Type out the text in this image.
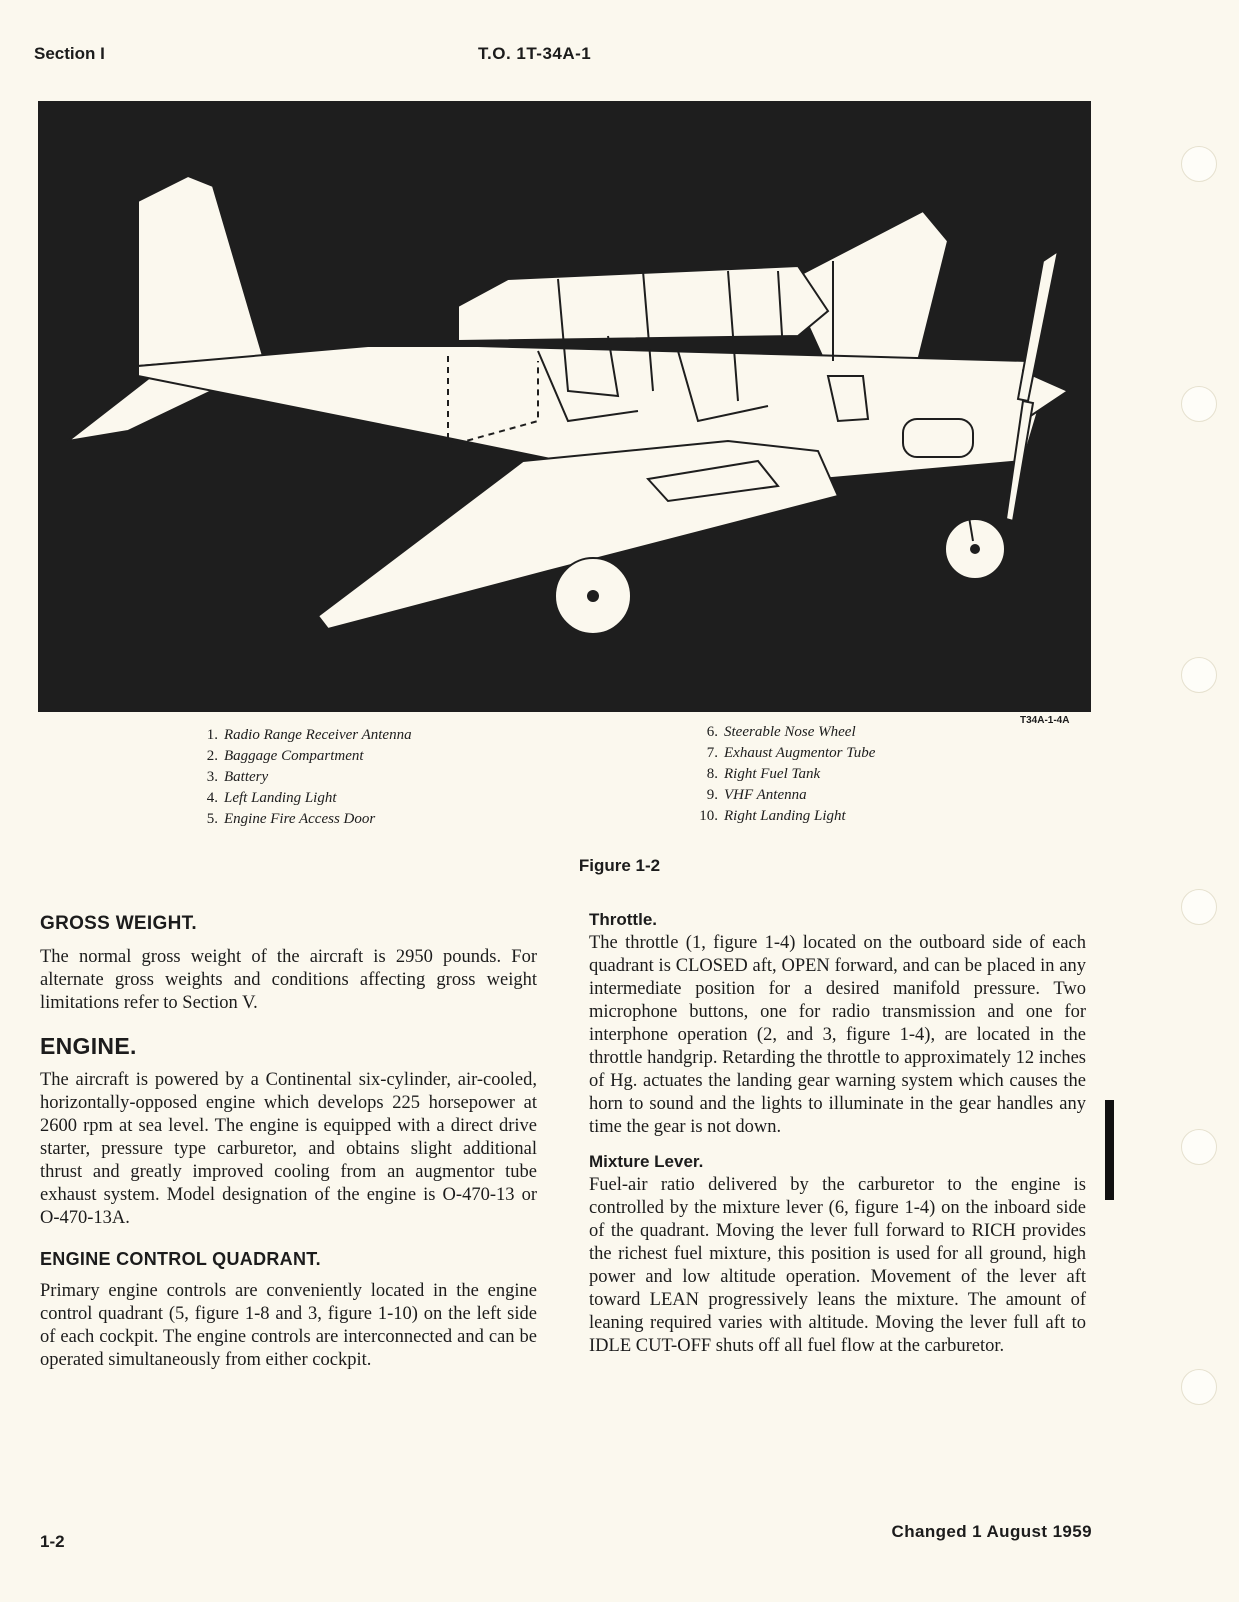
Section I	T.O. 1T-34A-1
T34A-1-4A
1. Radio Range Receiver Antenna
2. Baggage Compartment
3. Battery
4. Left Landing Light
5. Engine Fire Access Door
6. Steerable Nose Wheel
7. Exhaust Augmentor Tube
8. Right Fuel Tank
9. VHF Antenna
10. Right Landing Light
Figure 1-2
GROSS WEIGHT.

The normal gross weight of the aircraft is 2950 pounds. For alternate gross weights and conditions affecting gross weight limitations refer to Section V.

ENGINE.

The aircraft is powered by a Continental six-cylinder, air-cooled, horizontally-opposed engine which develops 225 horsepower at 2600 rpm at sea level. The engine is equipped with a direct drive starter, pressure type carburetor, and obtains slight additional thrust and greatly improved cooling from an augmentor tube exhaust system. Model designation of the engine is O-470-13 or O-470-13A.

ENGINE CONTROL QUADRANT.

Primary engine controls are conveniently located in the engine control quadrant (5, figure 1-8 and 3, figure 1-10) on the left side of each cockpit. The engine controls are interconnected and can be operated simultaneously from either cockpit.

Throttle.

The throttle (1, figure 1-4) located on the outboard side of each quadrant is CLOSED aft, OPEN forward, and can be placed in any intermediate position for a desired manifold pressure. Two microphone buttons, one for radio transmission and one for interphone operation (2, and 3, figure 1-4), are located in the throttle handgrip. Retarding the throttle to approximately 12 inches of Hg. actuates the landing gear warning system which causes the horn to sound and the lights to illuminate in the gear handles any time the gear is not down.

Mixture Lever.

Fuel-air ratio delivered by the carburetor to the engine is controlled by the mixture lever (6, figure 1-4) on the inboard side of the quadrant. Moving the lever full forward to RICH provides the richest fuel mixture, this position is used for all ground, high power and low altitude operation. Movement of the lever aft toward LEAN progressively leans the mixture. The amount of leaning required varies with altitude. Moving the lever full aft to IDLE CUT-OFF shuts off all fuel flow at the carburetor.

1-2
Changed 1 August 1959
